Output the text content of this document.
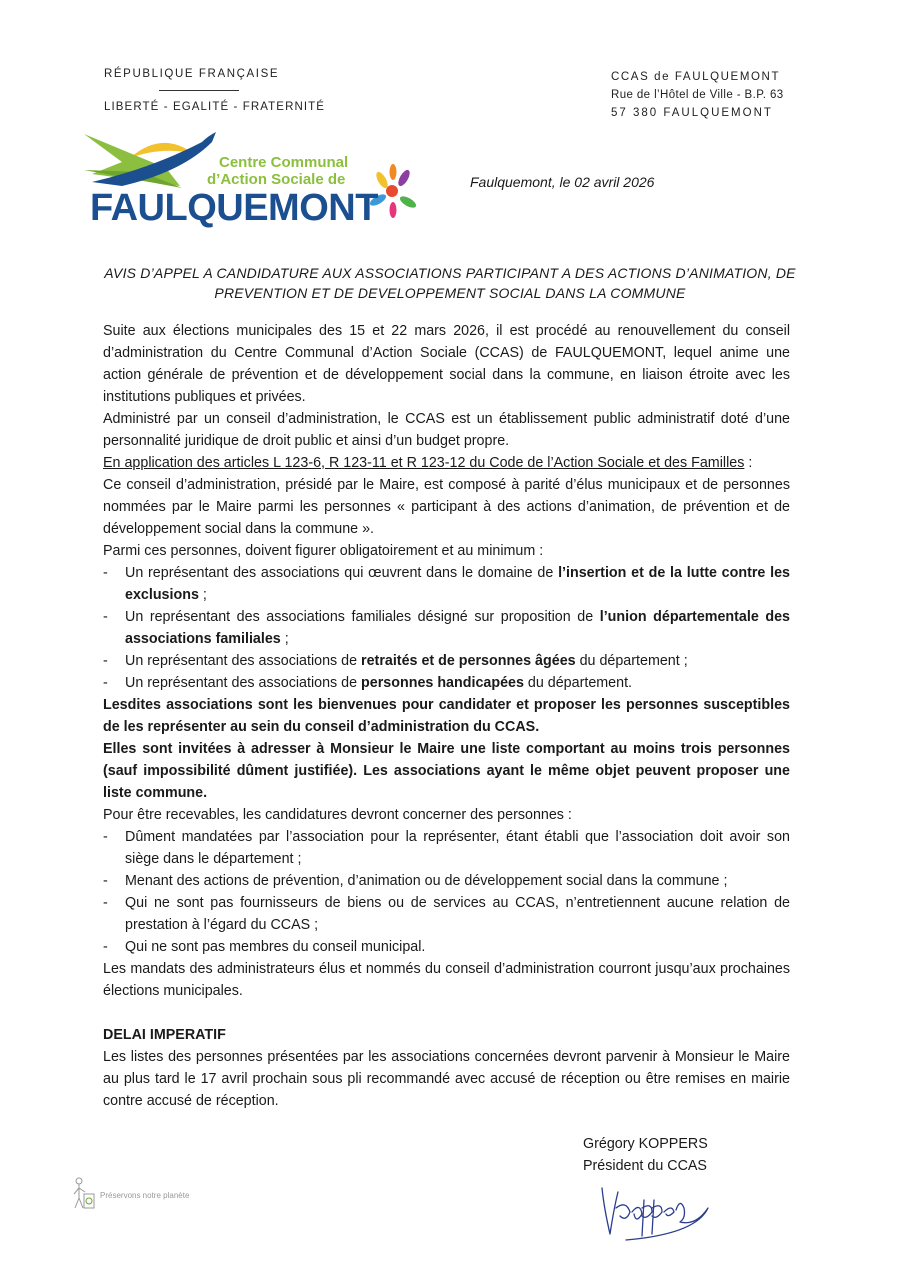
RÉPUBLIQUE FRANÇAISE
LIBERTÉ - EGALITÉ - FRATERNITÉ
CCAS de FAULQUEMONT
Rue de l’Hôtel de Ville - B.P. 63
57 380 FAULQUEMONT
Centre Communal
d’Action Sociale de
FAULQUEMONT
Faulquemont, le 02 avril 2026
AVIS D’APPEL A CANDIDATURE AUX ASSOCIATIONS PARTICIPANT A DES ACTIONS D’ANIMATION, DE
PREVENTION ET DE DEVELOPPEMENT SOCIAL DANS LA COMMUNE

Suite aux élections municipales des 15 et 22 mars 2026, il est procédé au renouvellement du conseil d’administration du Centre Communal d’Action Sociale (CCAS) de FAULQUEMONT, lequel anime une action générale de prévention et de développement social dans la commune, en liaison étroite avec les institutions publiques et privées.

Administré par un conseil d’administration, le CCAS est un établissement public administratif doté d’une personnalité juridique de droit public et ainsi d’un budget propre.

En application des articles L 123-6, R 123-11 et R 123-12 du Code de l’Action Sociale et des Familles :

Ce conseil d’administration, présidé par le Maire, est composé à parité d’élus municipaux et de personnes nommées par le Maire parmi les personnes « participant à des actions d’animation, de prévention et de développement social dans la commune ».

Parmi ces personnes, doivent figurer obligatoirement et au minimum :

- Un représentant des associations qui œuvrent dans le domaine de l’insertion et de la lutte contre les exclusions ;
- Un représentant des associations familiales désigné sur proposition de l’union départementale des associations familiales ;
- Un représentant des associations de retraités et de personnes âgées du département ;
- Un représentant des associations de personnes handicapées du département.

Lesdites associations sont les bienvenues pour candidater et proposer les personnes susceptibles de les représenter au sein du conseil d’administration du CCAS.

Elles sont invitées à adresser à Monsieur le Maire une liste comportant au moins trois personnes (sauf impossibilité dûment justifiée). Les associations ayant le même objet peuvent proposer une liste commune.

Pour être recevables, les candidatures devront concerner des personnes :

- Dûment mandatées par l’association pour la représenter, étant établi que l’association doit avoir son siège dans le département ;
- Menant des actions de prévention, d’animation ou de développement social dans la commune ;
- Qui ne sont pas fournisseurs de biens ou de services au CCAS, n’entretiennent aucune relation de prestation à l’égard du CCAS ;
- Qui ne sont pas membres du conseil municipal.

Les mandats des administrateurs élus et nommés du conseil d’administration courront jusqu’aux prochaines élections municipales.

DELAI IMPERATIF

Les listes des personnes présentées par les associations concernées devront parvenir à Monsieur le Maire au plus tard le 17 avril prochain sous pli recommandé avec accusé de réception ou être remises en mairie contre accusé de réception.

Grégory KOPPERS
Président du CCAS
Préservons notre planète
